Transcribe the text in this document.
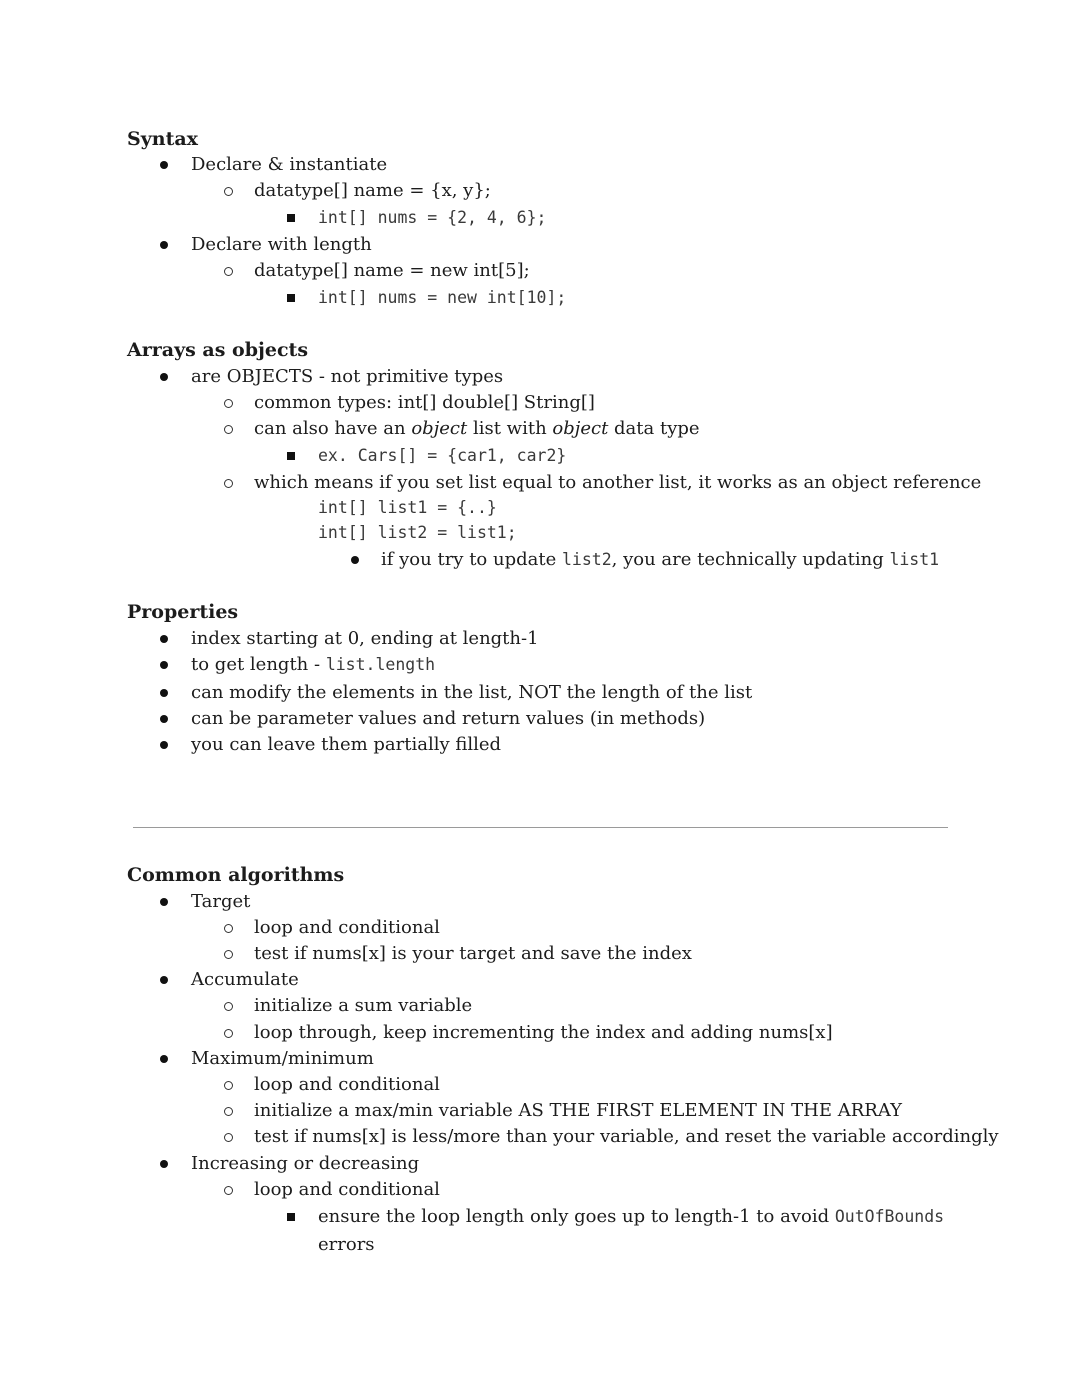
Syntax
Declare & instantiate
datatype[] name = {x, y};
int[] nums = {2, 4, 6};
Declare with length
datatype[] name = new int[5];
int[] nums = new int[10];
Arrays as objects
are OBJECTS - not primitive types
common types: int[] double[] String[]
can also have an object list with object data type
ex. Cars[] = {car1, car2}
which means if you set list equal to another list, it works as an object reference
int[] list1 = {..}
int[] list2 = list1;
if you try to update list2, you are technically updating list1
Properties
index starting at 0, ending at length-1
to get length - list.length
can modify the elements in the list, NOT the length of the list
can be parameter values and return values (in methods)
you can leave them partially filled
Common algorithms
Target
loop and conditional
test if nums[x] is your target and save the index
Accumulate
initialize a sum variable
loop through, keep incrementing the index and adding nums[x]
Maximum/minimum
loop and conditional
initialize a max/min variable AS THE FIRST ELEMENT IN THE ARRAY
test if nums[x] is less/more than your variable, and reset the variable accordingly
Increasing or decreasing
loop and conditional
ensure the loop length only goes up to length-1 to avoid OutOfBounds
errors
